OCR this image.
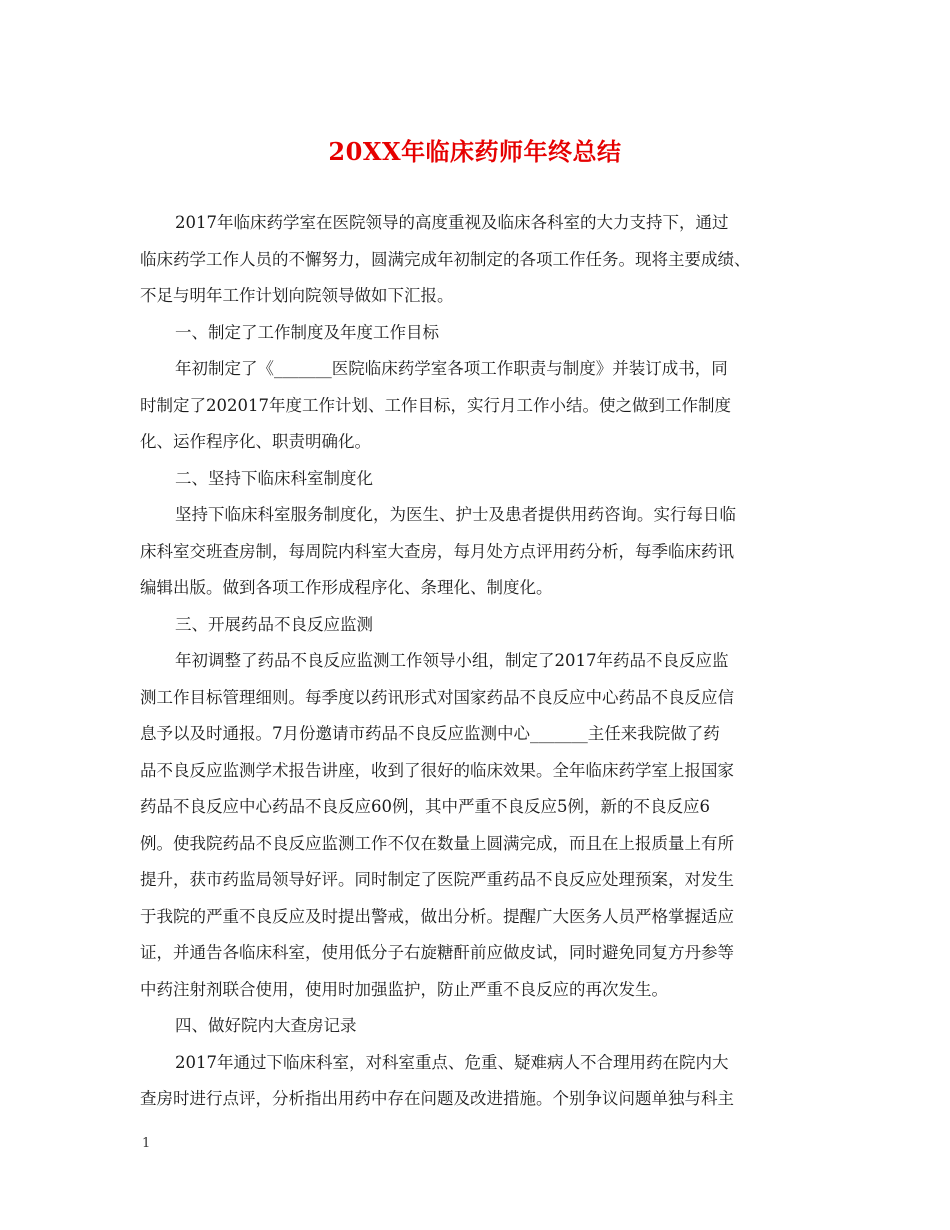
20XX年临床药师年终总结
2017年临床药学室在医院领导的高度重视及临床各科室的大力支持下，通过
临床药学工作人员的不懈努力，圆满完成年初制定的各项工作任务。现将主要成绩、
不足与明年工作计划向院领导做如下汇报。
一、制定了工作制度及年度工作目标
年初制定了《_______医院临床药学室各项工作职责与制度》并装订成书，同
时制定了202017年度工作计划、工作目标，实行月工作小结。使之做到工作制度
化、运作程序化、职责明确化。
二、坚持下临床科室制度化
坚持下临床科室服务制度化，为医生、护士及患者提供用药咨询。实行每日临
床科室交班查房制，每周院内科室大查房，每月处方点评用药分析，每季临床药讯
编辑出版。做到各项工作形成程序化、条理化、制度化。
三、开展药品不良反应监测
年初调整了药品不良反应监测工作领导小组，制定了2017年药品不良反应监
测工作目标管理细则。每季度以药讯形式对国家药品不良反应中心药品不良反应信
息予以及时通报。7月份邀请市药品不良反应监测中心_______主任来我院做了药
品不良反应监测学术报告讲座，收到了很好的临床效果。全年临床药学室上报国家
药品不良反应中心药品不良反应60例，其中严重不良反应5例，新的不良反应6
例。使我院药品不良反应监测工作不仅在数量上圆满完成，而且在上报质量上有所
提升，获市药监局领导好评。同时制定了医院严重药品不良反应处理预案，对发生
于我院的严重不良反应及时提出警戒，做出分析。提醒广大医务人员严格掌握适应
证，并通告各临床科室，使用低分子右旋糖酐前应做皮试，同时避免同复方丹参等
中药注射剂联合使用，使用时加强监护，防止严重不良反应的再次发生。
四、做好院内大查房记录
2017年通过下临床科室，对科室重点、危重、疑难病人不合理用药在院内大
查房时进行点评，分析指出用药中存在问题及改进措施。个别争议问题单独与科主
1
